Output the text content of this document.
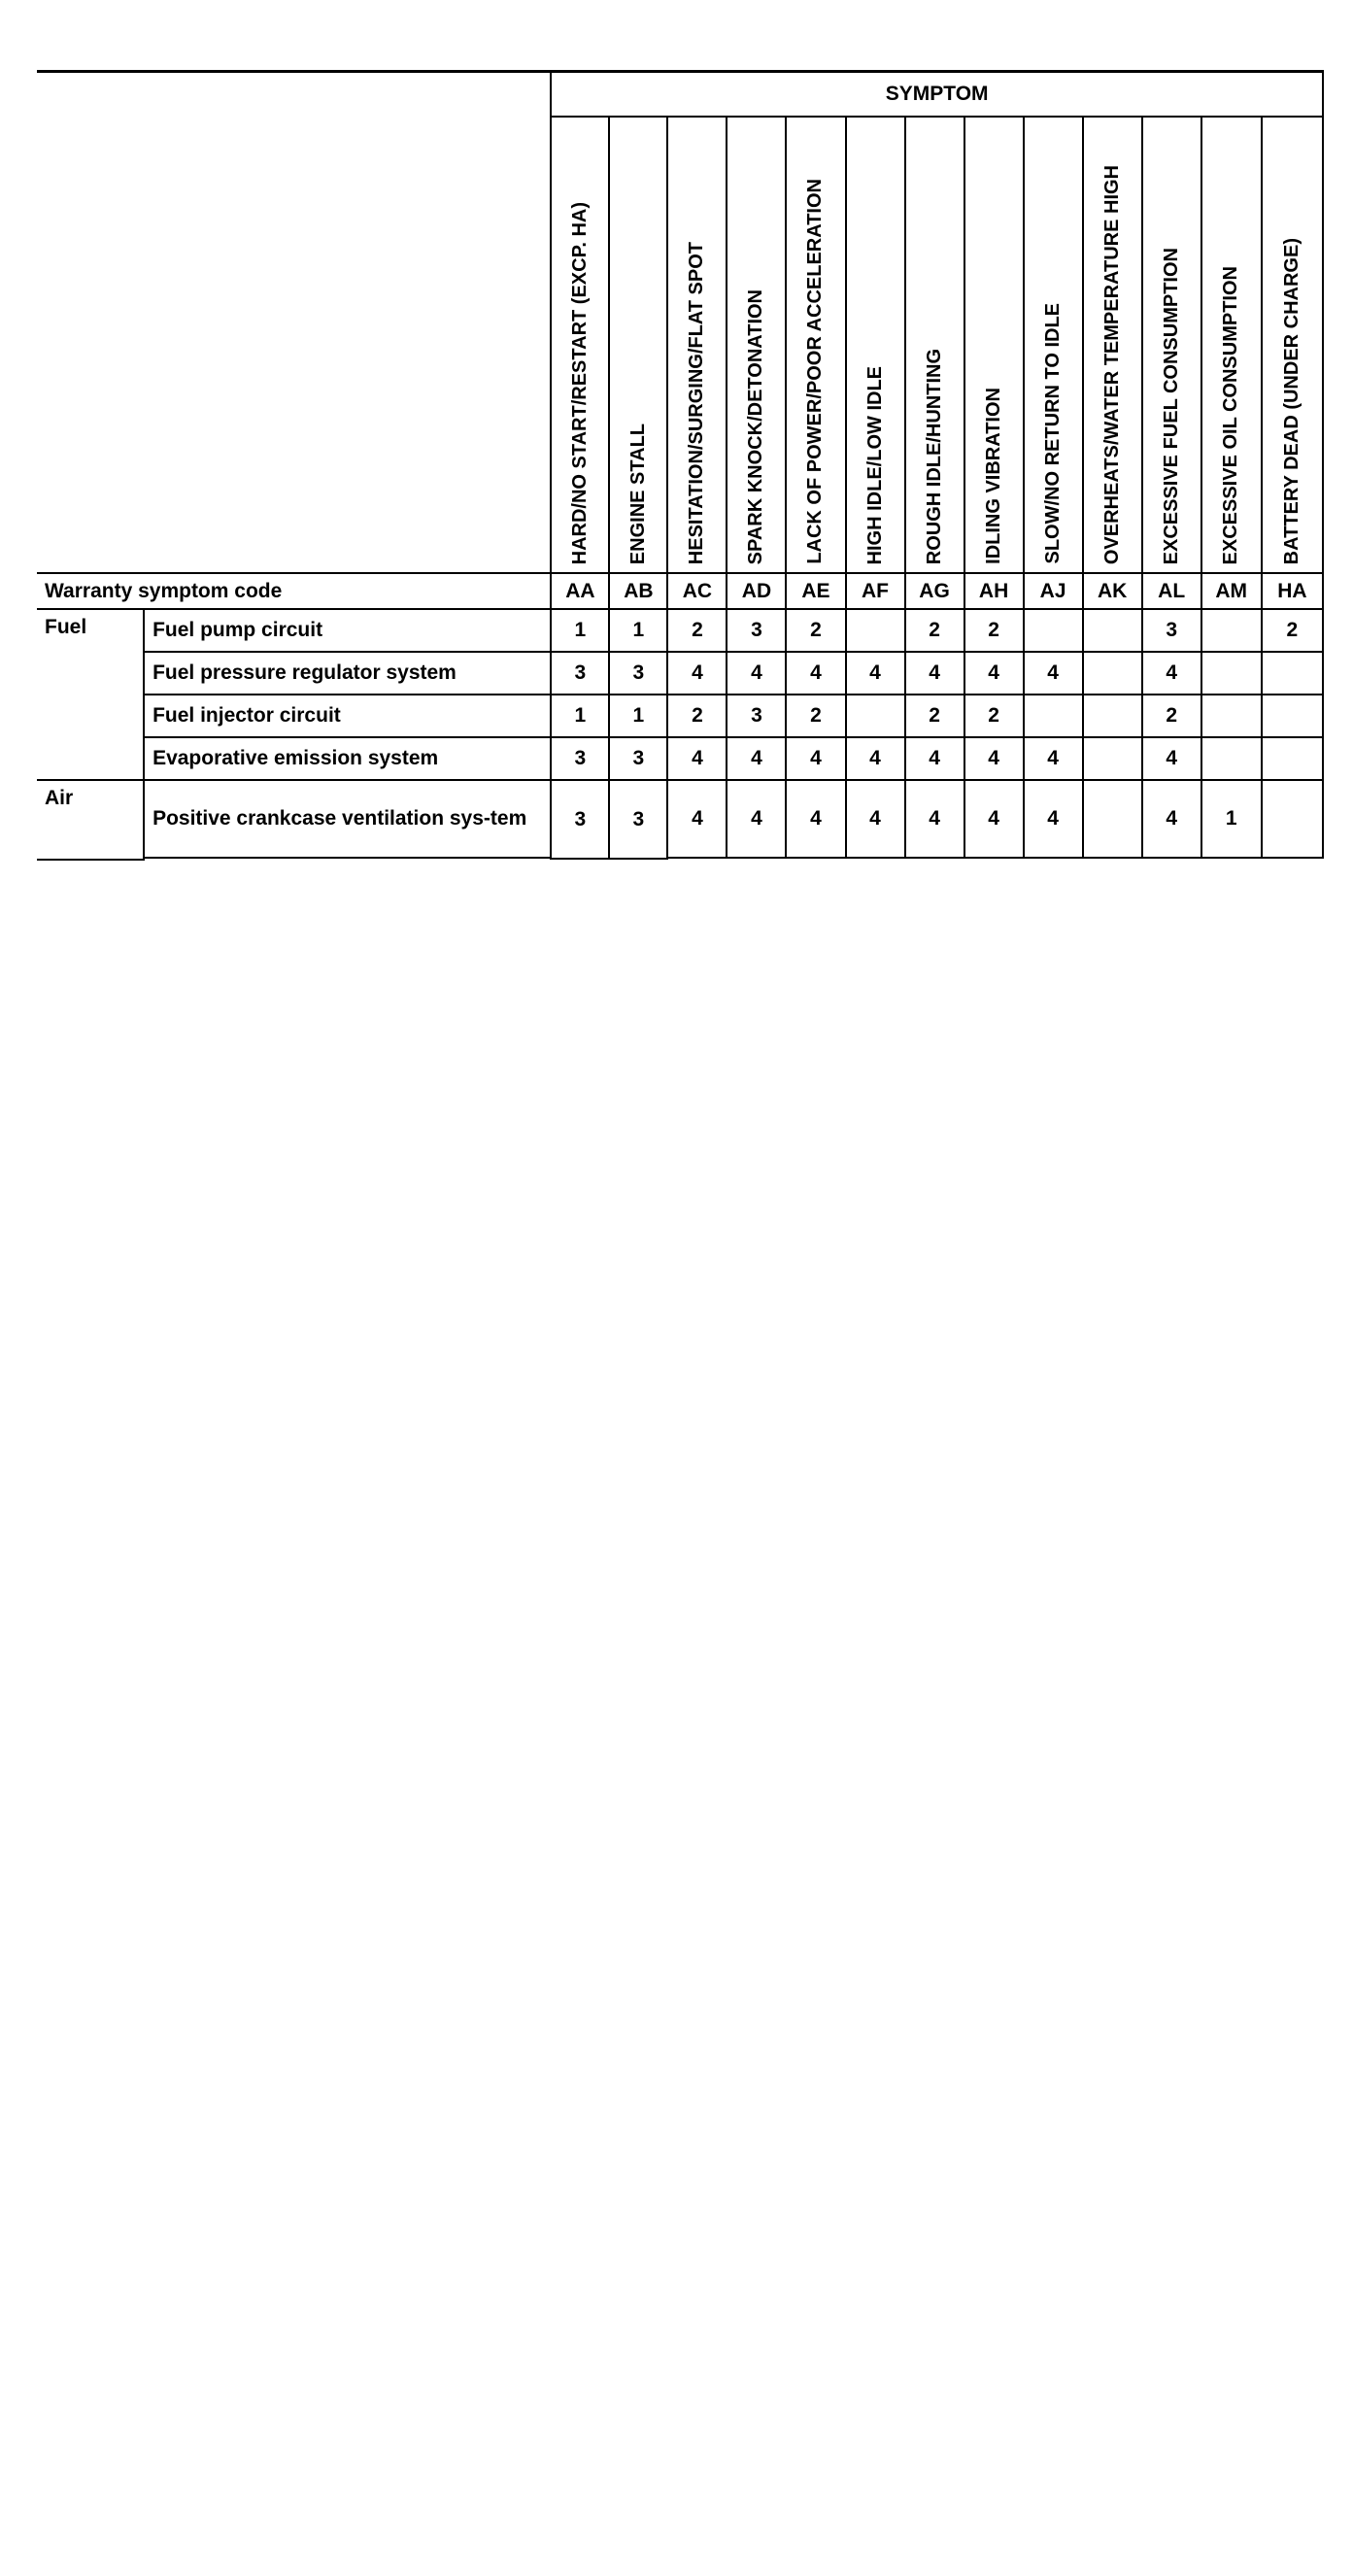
		SYMPTOM												

		HARD/NO START/RESTART (EXCP. HA)	ENGINE STALL	HESITATION/SURGING/FLAT SPOT	SPARK KNOCK/DETONATION	LACK OF POWER/POOR ACCELERATION	HIGH IDLE/LOW IDLE	ROUGH IDLE/HUNTING	IDLING VIBRATION	SLOW/NO RETURN TO IDLE	OVERHEATS/WATER TEMPERATURE HIGH	EXCESSIVE FUEL CONSUMPTION	EXCESSIVE OIL CONSUMPTION	BATTERY DEAD (UNDER CHARGE)

Warranty symptom code		AA	AB	AC	AD	AE	AF	AG	AH	AJ	AK	AL	AM	HA
Fuel	Fuel pump circuit	1	1	2	3	2		2	2			3		2
	Fuel pressure regulator system	3	3	4	4	4	4	4	4	4		4		
	Fuel injector circuit	1	1	2	3	2		2	2			2		
	Evaporative emission system	3	3	4	4	4	4	4	4	4		4		
Air	Positive crankcase ventilation sys-tem	3	3	4	4	4	4	4	4	4		4	1	
